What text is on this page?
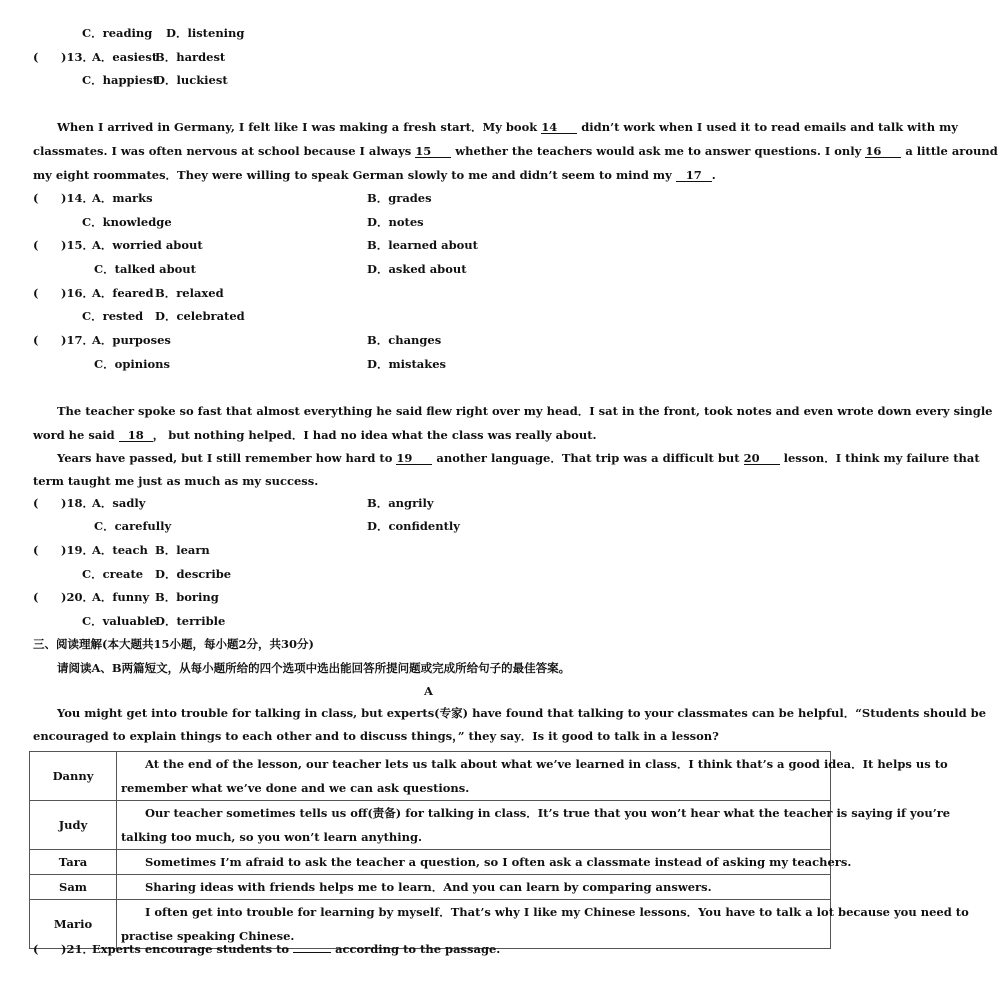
C．reading D．listening
( )13．
A．easiest
B．hardest
C．happiest
D．luckiest
When I arrived in Germany, I felt like I was making a fresh start．My book 14 didn’t work when I used it to read emails and talk with my
classmates. I was often nervous at school because I always 15 whether the teachers would ask me to answer questions. I only 16 a little around
my eight roommates．They were willing to speak German slowly to me and didn’t seem to mind my 17 .
( )14．
A．marks	B．grades
C．knowledge	D．notes
( )15．
A．worried about	B．learned about
C．talked about	D．asked about
( )16．
A．feared B．relaxed
C．rested D．celebrated
( )17．
A．purposes	B．changes
C．opinions	D．mistakes
The teacher spoke so fast that almost everything he said flew right over my head．I sat in the front, took notes and even wrote down every single
word he said 18 ， but nothing helped．I had no idea what the class was really about.
Years have passed, but I still remember how hard to 19 another language．That trip was a difficult but 20 lesson．I think my failure that
term taught me just as much as my success.
( )18．
A．sadly	B．angrily
C．carefully	D．confidently
( )19．
A．teach B．learn
C．create D．describe
( )20．
A．funny B．boring
C．valuable
D．terrible
三、阅读理解(本大题共15小题，每小题2分，共30分)
请阅读A、B两篇短文，从每小题所给的四个选项中选出能回答所提问题或完成所给句子的最佳答案。
A
You might get into trouble for talking in class, but experts(专家) have found that talking to your classmates can be helpful．“Students should be
encouraged to explain things to each other and to discuss things，” they say．Is it good to talk in a lesson?
Danny	At the end of the lesson, our teacher lets us talk about what we’ve learned in class．I think that’s a good idea．It helps us to
remember what we’ve done and we can ask questions.

Judy	Our teacher sometimes tells us off(责备) for talking in class．It’s true that you won’t hear what the teacher is saying if you’re
talking too much, so you won’t learn anything.

Tara	Sometimes I’m afraid to ask the teacher a question, so I often ask a classmate instead of asking my teachers.

Sam	Sharing ideas with friends helps me to learn．And you can learn by comparing answers.

Mario	I often get into trouble for learning by myself．That’s why I like my Chinese lessons．You have to talk a lot because you need to
practise speaking Chinese.
( )21．
Experts encourage students to	according to the passage.
